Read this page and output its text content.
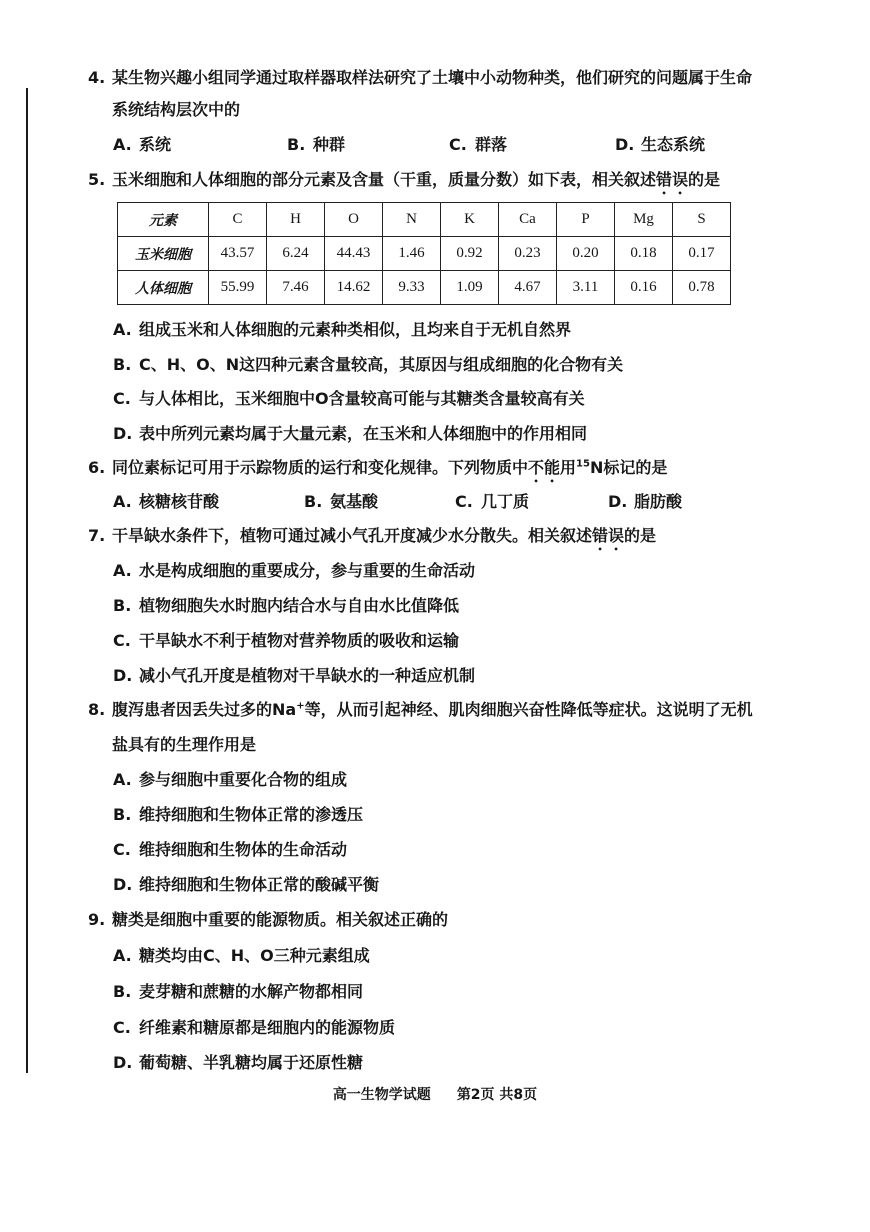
4. 某生物兴趣小组同学通过取样器取样法研究了土壤中小动物种类，他们研究的问题属于生命
系统结构层次中的
A. 系统	B. 种群	C. 群落	D. 生态系统
5. 玉米细胞和人体细胞的部分元素及含量（干重，质量分数）如下表，相关叙述错误的是
元素	C	H	O	N	K	Ca	P	Mg	S
玉米细胞	43.57	6.24	44.43	1.46	0.92	0.23	0.20	0.18	0.17
人体细胞	55.99	7.46	14.62	9.33	1.09	4.67	3.11	0.16	0.78
A. 组成玉米和人体细胞的元素种类相似，且均来自于无机自然界
B. C、H、O、N这四种元素含量较高，其原因与组成细胞的化合物有关
C. 与人体相比，玉米细胞中O含量较高可能与其糖类含量较高有关
D. 表中所列元素均属于大量元素，在玉米和人体细胞中的作用相同
6. 同位素标记可用于示踪物质的运行和变化规律。下列物质中不能用$^{15}$N标记的是
A. 核糖核苷酸	B. 氨基酸	C. 几丁质	D. 脂肪酸
7. 干旱缺水条件下，植物可通过减小气孔开度减少水分散失。相关叙述错误的是
A. 水是构成细胞的重要成分，参与重要的生命活动
B. 植物细胞失水时胞内结合水与自由水比值降低
C. 干旱缺水不利于植物对营养物质的吸收和运输
D. 减小气孔开度是植物对干旱缺水的一种适应机制
8. 腹泻患者因丢失过多的Na+等，从而引起神经、肌肉细胞兴奋性降低等症状。这说明了无机
盐具有的生理作用是
A. 参与细胞中重要化合物的组成
B. 维持细胞和生物体正常的渗透压
C. 维持细胞和生物体的生命活动
D. 维持细胞和生物体正常的酸碱平衡
9. 糖类是细胞中重要的能源物质。相关叙述正确的
A. 糖类均由C、H、O三种元素组成
B. 麦芽糖和蔗糖的水解产物都相同
C. 纤维素和糖原都是细胞内的能源物质
D. 葡萄糖、半乳糖均属于还原性糖
高一生物学试题 第2页 共8页
